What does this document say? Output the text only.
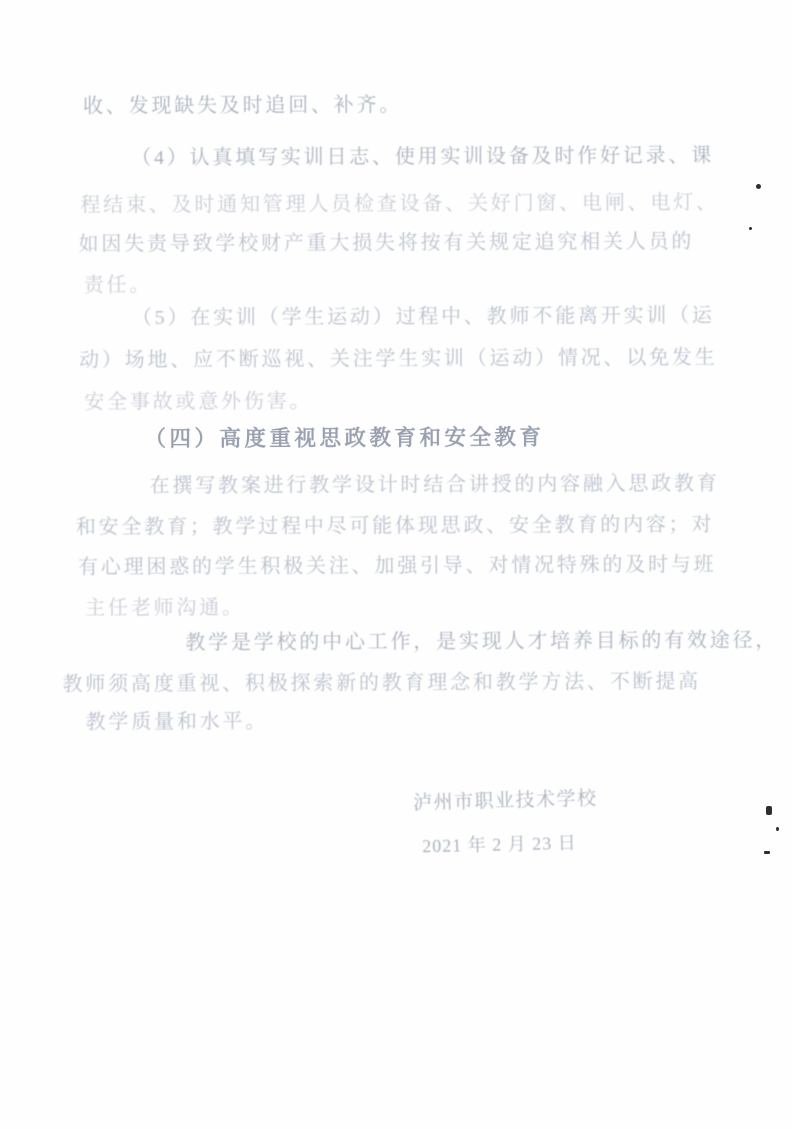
收、发现缺失及时追回、补齐。
（4）认真填写实训日志、使用实训设备及时作好记录、课
程结束、及时通知管理人员检查设备、关好门窗、电闸、电灯、
如因失责导致学校财产重大损失将按有关规定追究相关人员的
责任。
（5）在实训（学生运动）过程中、教师不能离开实训（运
动）场地、应不断巡视、关注学生实训（运动）情况、以免发生
安全事故或意外伤害。
（四）高度重视思政教育和安全教育
在撰写教案进行教学设计时结合讲授的内容融入思政教育
和安全教育；教学过程中尽可能体现思政、安全教育的内容；对
有心理困惑的学生积极关注、加强引导、对情况特殊的及时与班
主任老师沟通。
教学是学校的中心工作，是实现人才培养目标的有效途径，
教师须高度重视、积极探索新的教育理念和教学方法、不断提高
教学质量和水平。
泸州市职业技术学校
2021 年 2 月 23 日
